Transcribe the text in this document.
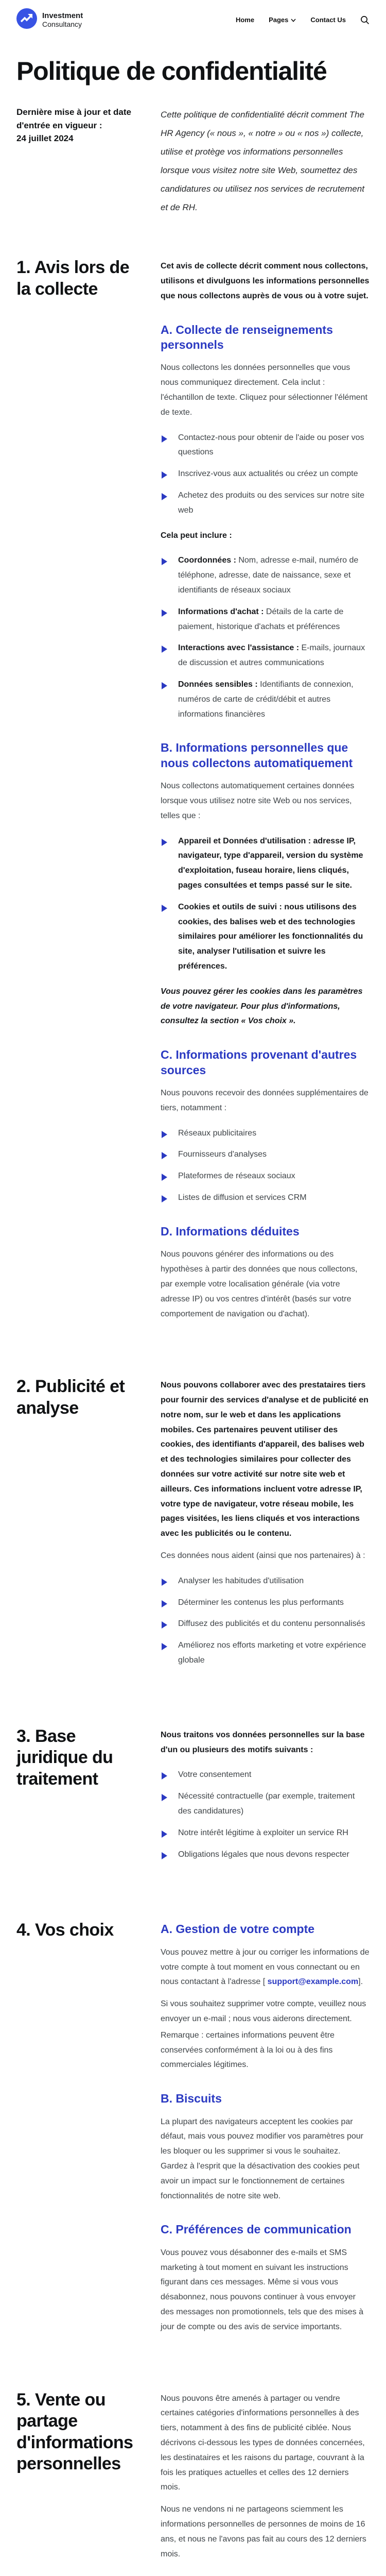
Investment
Consultancy
Home Pages	Contact Us
Politique de confidentialité
Dernière mise à jour et date d'entrée en vigueur :
24 juillet 2024

Cette politique de confidentialité décrit comment The HR Agency (« nous », « notre » ou « nos ») collecte, utilise et protège vos informations personnelles lorsque vous visitez notre site Web, soumettez des candidatures ou utilisez nos services de recrutement et de RH.

1. Avis lors de la collecte

Cet avis de collecte décrit comment nous collectons, utilisons et divulguons les informations personnelles que nous collectons auprès de vous ou à votre sujet.

A. Collecte de renseignements personnels

Nous collectons les données personnelles que vous nous communiquez directement. Cela inclut : l'échantillon de texte. Cliquez pour sélectionner l'élément de texte.

Contactez-nous pour obtenir de l'aide ou poser vos questions
Inscrivez-vous aux actualités ou créez un compte
Achetez des produits ou des services sur notre site web

Cela peut inclure :

Coordonnées : Nom, adresse e-mail, numéro de téléphone, adresse, date de naissance, sexe et identifiants de réseaux sociaux
Informations d'achat : Détails de la carte de paiement, historique d'achats et préférences
Interactions avec l'assistance : E-mails, journaux de discussion et autres communications
Données sensibles : Identifiants de connexion, numéros de carte de crédit/débit et autres informations financières
B. Informations personnelles que nous collectons automatiquement

Nous collectons automatiquement certaines données lorsque vous utilisez notre site Web ou nos services, telles que :

Appareil et Données d'utilisation : adresse IP, navigateur, type d'appareil, version du système d'exploitation, fuseau horaire, liens cliqués, pages consultées et temps passé sur le site.
Cookies et outils de suivi : nous utilisons des cookies, des balises web et des technologies similaires pour améliorer les fonctionnalités du site, analyser l'utilisation et suivre les préférences.

Vous pouvez gérer les cookies dans les paramètres de votre navigateur. Pour plus d'informations, consultez la section « Vos choix ».

C. Informations provenant d'autres sources

Nous pouvons recevoir des données supplémentaires de tiers, notamment :

Réseaux publicitaires
Fournisseurs d'analyses
Plateformes de réseaux sociaux
Listes de diffusion et services CRM
D. Informations déduites

Nous pouvons générer des informations ou des hypothèses à partir des données que nous collectons, par exemple votre localisation générale (via votre adresse IP) ou vos centres d'intérêt (basés sur votre comportement de navigation ou d'achat).

2. Publicité et analyse

Nous pouvons collaborer avec des prestataires tiers pour fournir des services d'analyse et de publicité en notre nom, sur le web et dans les applications mobiles. Ces partenaires peuvent utiliser des cookies, des identifiants d'appareil, des balises web et des technologies similaires pour collecter des données sur votre activité sur notre site web et ailleurs. Ces informations incluent votre adresse IP, votre type de navigateur, votre réseau mobile, les pages visitées, les liens cliqués et vos interactions avec les publicités ou le contenu.

Ces données nous aident (ainsi que nos partenaires) à :

Analyser les habitudes d'utilisation
Déterminer les contenus les plus performants
Diffusez des publicités et du contenu personnalisés
Améliorez nos efforts marketing et votre expérience globale
3. Base juridique du traitement

Nous traitons vos données personnelles sur la base d'un ou plusieurs des motifs suivants :

Votre consentement
Nécessité contractuelle (par exemple, traitement des candidatures)
Notre intérêt légitime à exploiter un service RH
Obligations légales que nous devons respecter
4. Vos choix	A. Gestion de votre compte

Vous pouvez mettre à jour ou corriger les informations de votre compte à tout moment en vous connectant ou en nous contactant à l'adresse [ support@example.com].

Si vous souhaitez supprimer votre compte, veuillez nous envoyer un e-mail ; nous vous aiderons directement.

Remarque : certaines informations peuvent être conservées conformément à la loi ou à des fins commerciales légitimes.

B. Biscuits

La plupart des navigateurs acceptent les cookies par défaut, mais vous pouvez modifier vos paramètres pour les bloquer ou les supprimer si vous le souhaitez. Gardez à l'esprit que la désactivation des cookies peut avoir un impact sur le fonctionnement de certaines fonctionnalités de notre site web.

C. Préférences de communication

Vous pouvez vous désabonner des e-mails et SMS marketing à tout moment en suivant les instructions figurant dans ces messages. Même si vous vous désabonnez, nous pouvons continuer à vous envoyer des messages non promotionnels, tels que des mises à jour de compte ou des avis de service importants.

5. Vente ou partage d'informations personnelles

Nous pouvons être amenés à partager ou vendre certaines catégories d'informations personnelles à des tiers, notamment à des fins de publicité ciblée. Nous décrivons ci-dessous les types de données concernées, les destinataires et les raisons du partage, couvrant à la fois les pratiques actuelles et celles des 12 derniers mois.

Nous ne vendons ni ne partageons sciemment les informations personnelles de personnes de moins de 16 ans, et nous ne l'avons pas fait au cours des 12 derniers mois.
